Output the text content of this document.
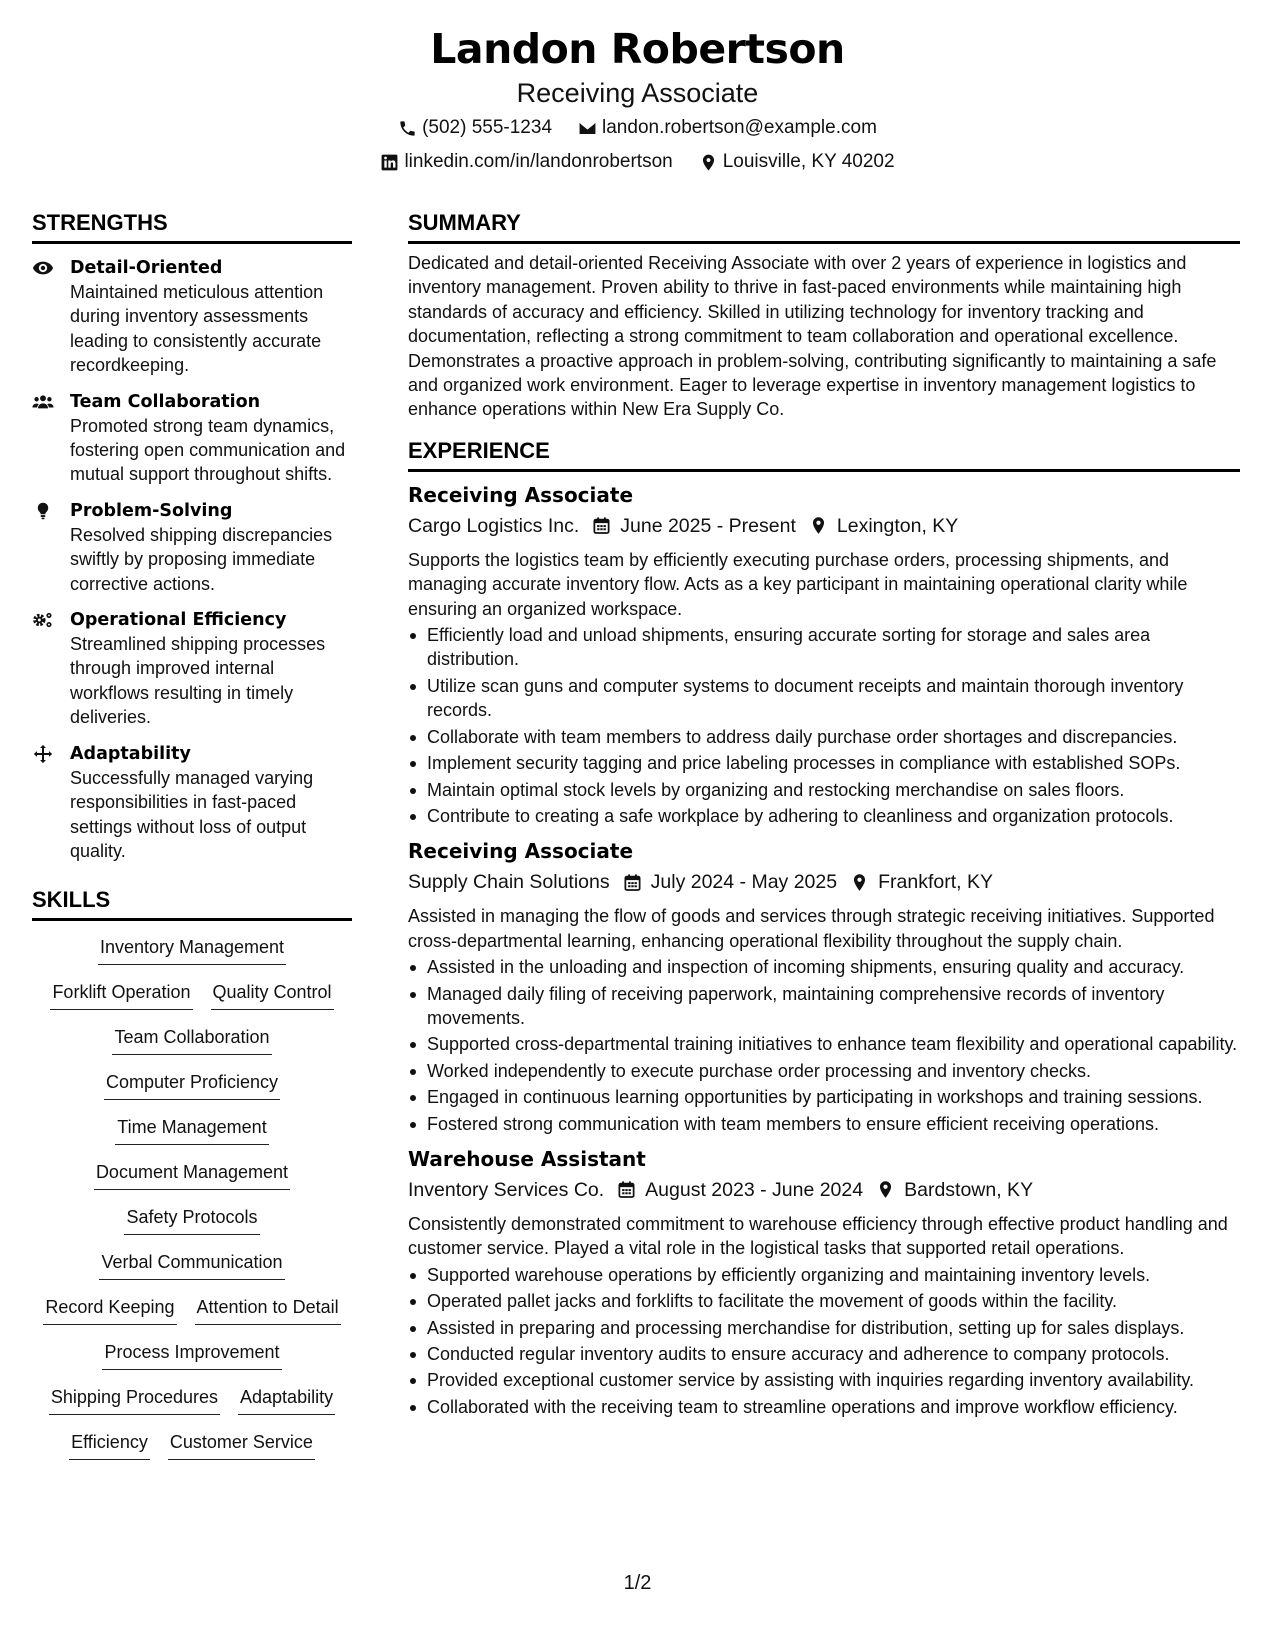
Landon Robertson
Receiving Associate
(502) 555-1234	landon.robertson@example.com
linkedin.com/in/landonrobertson	Louisville, KY 40202
STRENGTHS
Detail-Oriented
Maintained meticulous attention during inventory assessments leading to consistently accurate recordkeeping.
Team Collaboration
Promoted strong team dynamics, fostering open communication and mutual support throughout shifts.
Problem-Solving
Resolved shipping discrepancies swiftly by proposing immediate corrective actions.
Operational Efficiency
Streamlined shipping processes through improved internal workflows resulting in timely deliveries.
Adaptability
Successfully managed varying responsibilities in fast-paced settings without loss of output quality.
SKILLS
Inventory Management
Forklift Operation Quality Control
Team Collaboration
Computer Proficiency
Time Management
Document Management
Safety Protocols
Verbal Communication
Record Keeping Attention to Detail
Process Improvement
Shipping Procedures Adaptability
Efficiency Customer Service
SUMMARY
Dedicated and detail-oriented Receiving Associate with over 2 years of experience in logistics and inventory management. Proven ability to thrive in fast-paced environments while maintaining high standards of accuracy and efficiency. Skilled in utilizing technology for inventory tracking and documentation, reflecting a strong commitment to team collaboration and operational excellence. Demonstrates a proactive approach in problem-solving, contributing significantly to maintaining a safe and organized work environment. Eager to leverage expertise in inventory management logistics to enhance operations within New Era Supply Co.
EXPERIENCE
Receiving Associate
Cargo Logistics Inc. June 2025 - Present Lexington, KY
Supports the logistics team by efficiently executing purchase orders, processing shipments, and managing accurate inventory flow. Acts as a key participant in maintaining operational clarity while ensuring an organized workspace.
Efficiently load and unload shipments, ensuring accurate sorting for storage and sales area distribution.
Utilize scan guns and computer systems to document receipts and maintain thorough inventory records.
Collaborate with team members to address daily purchase order shortages and discrepancies.
Implement security tagging and price labeling processes in compliance with established SOPs.
Maintain optimal stock levels by organizing and restocking merchandise on sales floors.
Contribute to creating a safe workplace by adhering to cleanliness and organization protocols.
Receiving Associate
Supply Chain Solutions July 2024 - May 2025 Frankfort, KY
Assisted in managing the flow of goods and services through strategic receiving initiatives. Supported cross-departmental learning, enhancing operational flexibility throughout the supply chain.
Assisted in the unloading and inspection of incoming shipments, ensuring quality and accuracy.
Managed daily filing of receiving paperwork, maintaining comprehensive records of inventory movements.
Supported cross-departmental training initiatives to enhance team flexibility and operational capability.
Worked independently to execute purchase order processing and inventory checks.
Engaged in continuous learning opportunities by participating in workshops and training sessions.
Fostered strong communication with team members to ensure efficient receiving operations.
Warehouse Assistant
Inventory Services Co. August 2023 - June 2024 Bardstown, KY
Consistently demonstrated commitment to warehouse efficiency through effective product handling and customer service. Played a vital role in the logistical tasks that supported retail operations.
Supported warehouse operations by efficiently organizing and maintaining inventory levels.
Operated pallet jacks and forklifts to facilitate the movement of goods within the facility.
Assisted in preparing and processing merchandise for distribution, setting up for sales displays.
Conducted regular inventory audits to ensure accuracy and adherence to company protocols.
Provided exceptional customer service by assisting with inquiries regarding inventory availability.
Collaborated with the receiving team to streamline operations and improve workflow efficiency.
1/2
